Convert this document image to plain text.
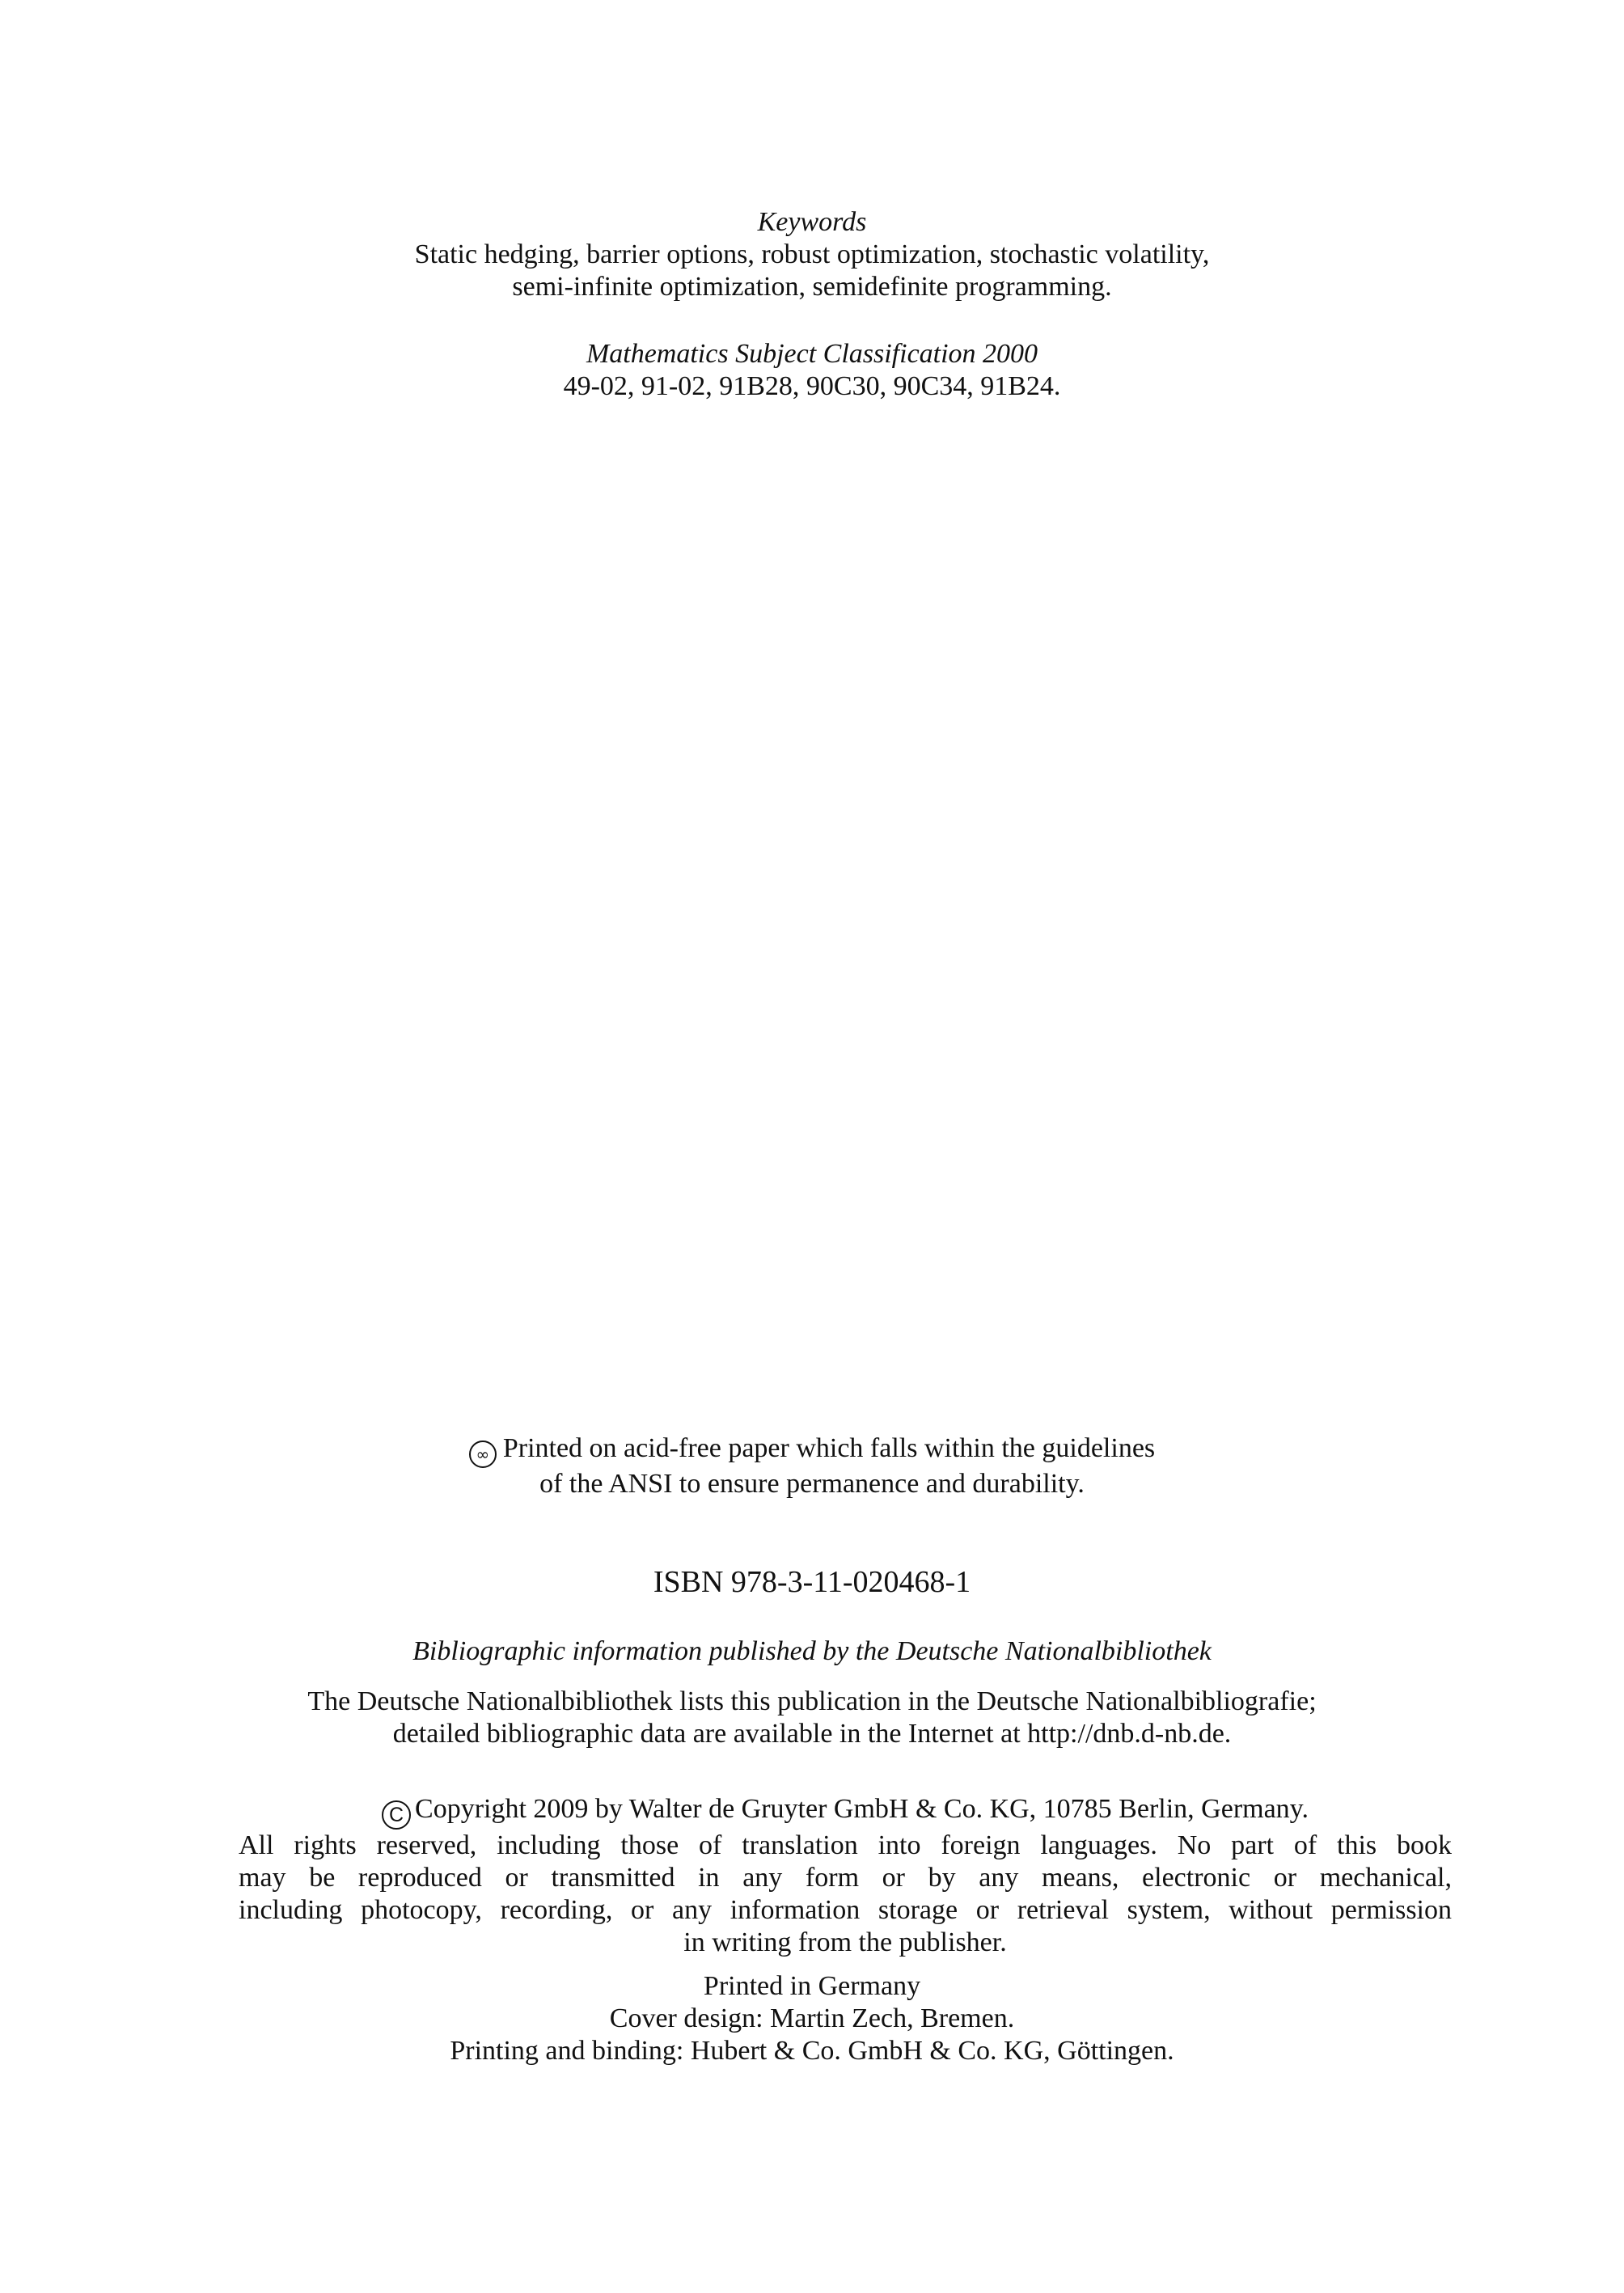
Keywords
Static hedging, barrier options, robust optimization, stochastic volatility,
semi-infinite optimization, semidefinite programming.
Mathematics Subject Classification 2000
49-02, 91-02, 91B28, 90C30, 90C34, 91B24.
∞ Printed on acid-free paper which falls within the guidelines
of the ANSI to ensure permanence and durability.
ISBN 978-3-11-020468-1
Bibliographic information published by the Deutsche Nationalbibliothek
The Deutsche Nationalbibliothek lists this publication in the Deutsche Nationalbibliografie;
detailed bibliographic data are available in the Internet at http://dnb.d-nb.de.
C Copyright 2009 by Walter de Gruyter GmbH & Co. KG, 10785 Berlin, Germany.
All rights reserved, including those of translation into foreign languages. No part of this book
may be reproduced or transmitted in any form or by any means, electronic or mechanical,
including photocopy, recording, or any information storage or retrieval system, without permission
in writing from the publisher.
Printed in Germany
Cover design: Martin Zech, Bremen.
Printing and binding: Hubert & Co. GmbH & Co. KG, Göttingen.
